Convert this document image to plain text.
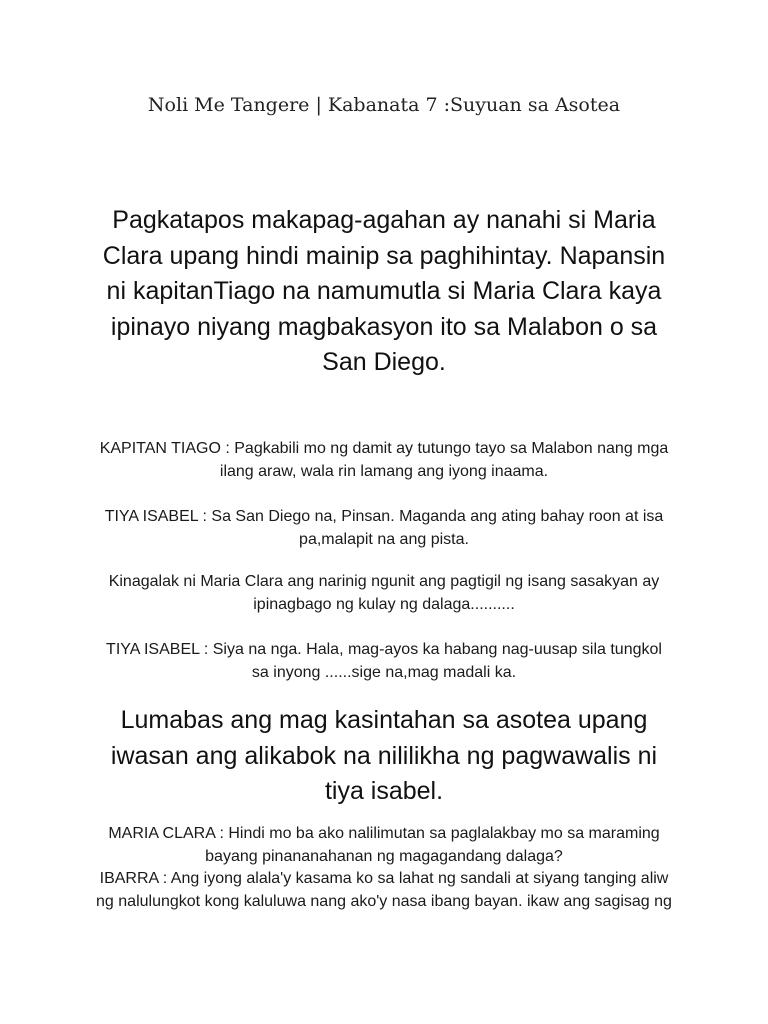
Noli Me Tangere | Kabanata 7 :Suyuan sa Asotea
Pagkatapos makapag-agahan ay nanahi si Maria
Clara upang hindi mainip sa paghihintay. Napansin
ni kapitanTiago na namumutla si Maria Clara kaya
ipinayo niyang magbakasyon ito sa Malabon o sa
San Diego.
KAPITAN TIAGO : Pagkabili mo ng damit ay tutungo tayo sa Malabon nang mga
ilang araw, wala rin lamang ang iyong inaama.
TIYA ISABEL : Sa San Diego na, Pinsan. Maganda ang ating bahay roon at isa
pa,malapit na ang pista.
Kinagalak ni Maria Clara ang narinig ngunit ang pagtigil ng isang sasakyan ay
ipinagbago ng kulay ng dalaga..........
TIYA ISABEL : Siya na nga. Hala, mag-ayos ka habang nag-uusap sila tungkol
sa inyong ......sige na,mag madali ka.
Lumabas ang mag kasintahan sa asotea upang
iwasan ang alikabok na nililikha ng pagwawalis ni
tiya isabel.
MARIA CLARA : Hindi mo ba ako nalilimutan sa paglalakbay mo sa maraming
bayang pinananahanan ng magagandang dalaga?
IBARRA : Ang iyong alala'y kasama ko sa lahat ng sandali at siyang tanging aliw
ng nalulungkot kong kaluluwa nang ako'y nasa ibang bayan. ikaw ang sagisag ng
